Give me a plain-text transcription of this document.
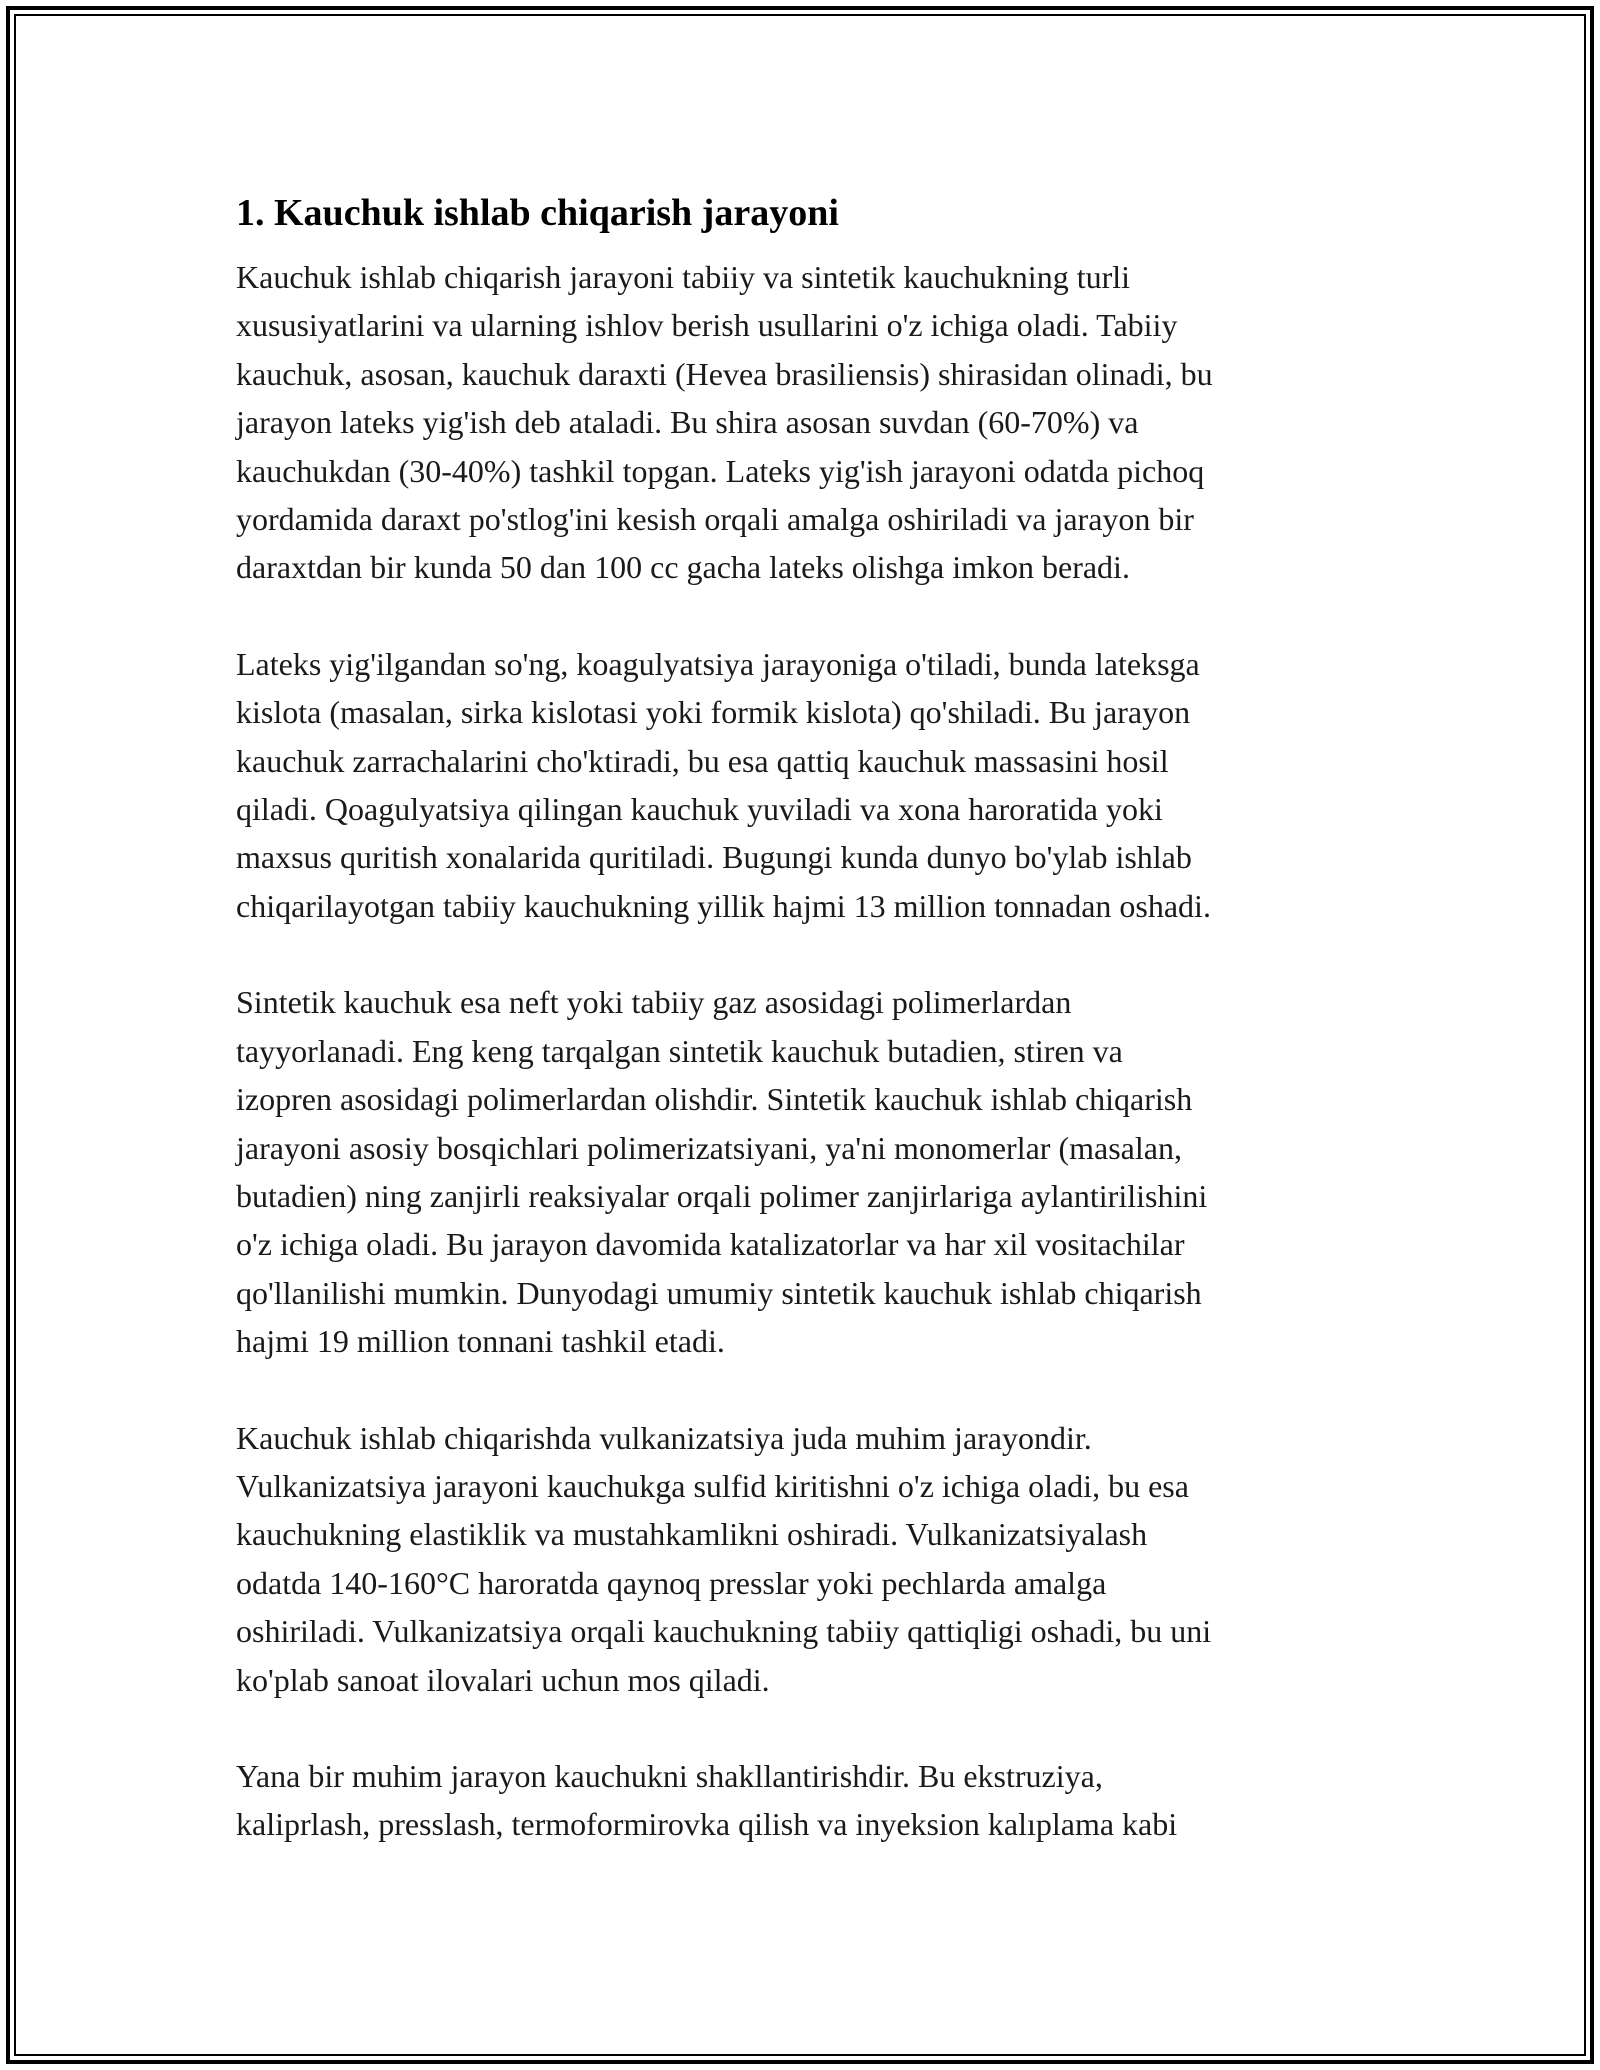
1. Kauchuk ishlab chiqarish jarayoni

Kauchuk ishlab chiqarish jarayoni tabiiy va sintetik kauchukning turli
xususiyatlarini va ularning ishlov berish usullarini o'z ichiga oladi. Tabiiy
kauchuk, asosan, kauchuk daraxti (Hevea brasiliensis) shirasidan olinadi, bu
jarayon lateks yig'ish deb ataladi. Bu shira asosan suvdan (60-70%) va
kauchukdan (30-40%) tashkil topgan. Lateks yig'ish jarayoni odatda pichoq
yordamida daraxt po'stlog'ini kesish orqali amalga oshiriladi va jarayon bir
daraxtdan bir kunda 50 dan 100 cc gacha lateks olishga imkon beradi.

Lateks yig'ilgandan so'ng, koagulyatsiya jarayoniga o'tiladi, bunda lateksga
kislota (masalan, sirka kislotasi yoki formik kislota) qo'shiladi. Bu jarayon
kauchuk zarrachalarini cho'ktiradi, bu esa qattiq kauchuk massasini hosil
qiladi. Qoagulyatsiya qilingan kauchuk yuviladi va xona haroratida yoki
maxsus quritish xonalarida quritiladi. Bugungi kunda dunyo bo'ylab ishlab
chiqarilayotgan tabiiy kauchukning yillik hajmi 13 million tonnadan oshadi.

Sintetik kauchuk esa neft yoki tabiiy gaz asosidagi polimerlardan
tayyorlanadi. Eng keng tarqalgan sintetik kauchuk butadien, stiren va
izopren asosidagi polimerlardan olishdir. Sintetik kauchuk ishlab chiqarish
jarayoni asosiy bosqichlari polimerizatsiyani, ya'ni monomerlar (masalan,
butadien) ning zanjirli reaksiyalar orqali polimer zanjirlariga aylantirilishini
o'z ichiga oladi. Bu jarayon davomida katalizatorlar va har xil vositachilar
qo'llanilishi mumkin. Dunyodagi umumiy sintetik kauchuk ishlab chiqarish
hajmi 19 million tonnani tashkil etadi.

Kauchuk ishlab chiqarishda vulkanizatsiya juda muhim jarayondir.
Vulkanizatsiya jarayoni kauchukga sulfid kiritishni o'z ichiga oladi, bu esa
kauchukning elastiklik va mustahkamlikni oshiradi. Vulkanizatsiyalash
odatda 140-160°C haroratda qaynoq presslar yoki pechlarda amalga
oshiriladi. Vulkanizatsiya orqali kauchukning tabiiy qattiqligi oshadi, bu uni
ko'plab sanoat ilovalari uchun mos qiladi.

Yana bir muhim jarayon kauchukni shakllantirishdir. Bu ekstruziya,
kaliprlash, presslash, termoformirovka qilish va inyeksion kalıplama kabi
